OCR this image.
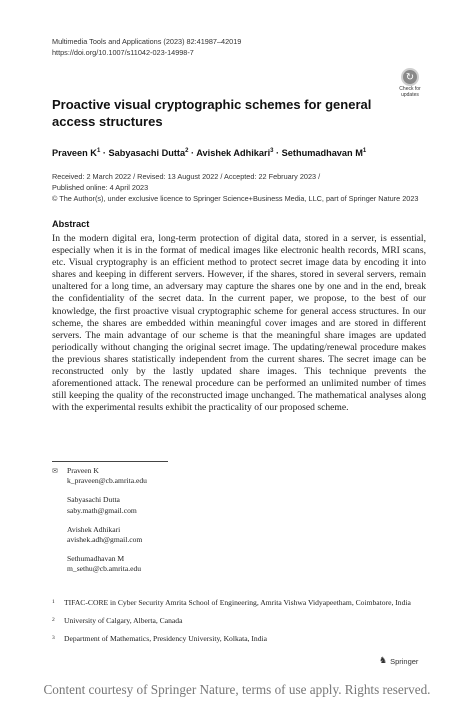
Multimedia Tools and Applications (2023) 82:41987–42019
https://doi.org/10.1007/s11042-023-14998-7
↻
Check for
updates
Proactive visual cryptographic schemes for general access structures
Praveen $K^1$ · Sabyasachi Dutta$^2$ · Avishek Adhikari$^3$ · Sethumadhavan $M^1$
Received: 2 March 2022 / Revised: 13 August 2022 / Accepted: 22 February 2023 /
Published online: 4 April 2023
© The Author(s), under exclusive licence to Springer Science+Business Media, LLC, part of Springer Nature 2023
Abstract
In the modern digital era, long-term protection of digital data, stored in a server, is essential, especially when it is in the format of medical images like electronic health records, MRI scans, etc. Visual cryptography is an efficient method to protect secret image data by encoding it into shares and keeping in different servers. However, if the shares, stored in several servers, remain unaltered for a long time, an adversary may capture the shares one by one and in the end, break the confidentiality of the secret data. In the current paper, we propose, to the best of our knowledge, the first proactive visual cryptographic scheme for general access structures. In our scheme, the shares are embedded within meaningful cover images and are stored in different servers. The main advantage of our scheme is that the meaningful share images are updated periodically without changing the original secret image. The updating/renewal procedure makes the previous shares statistically independent from the current shares. The secret image can be reconstructed only by the lastly updated share images. This technique prevents the aforementioned attack. The renewal procedure can be performed an unlimited number of times still keeping the quality of the reconstructed image unchanged. The mathematical analyses along with the experimental results exhibit the practicality of our proposed scheme.
✉	Praveen K
k_praveen@cb.amrita.edu
Sabyasachi Dutta
saby.math@gmail.com
Avishek Adhikari
avishek.adh@gmail.com
Sethumadhavan M
m_sethu@cb.amrita.edu
1	TIFAC-CORE in Cyber Security Amrita School of Engineering, Amrita Vishwa Vidyapeetham, Coimbatore, India
2	University of Calgary, Alberta, Canada
3	Department of Mathematics, Presidency University, Kolkata, India
♞ Springer
Content courtesy of Springer Nature, terms of use apply. Rights reserved.
